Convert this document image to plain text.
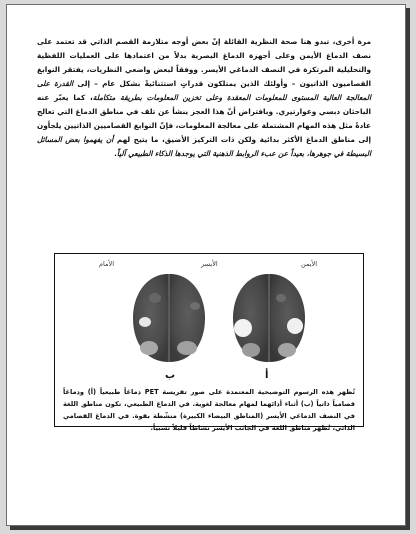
مرة أخرى، تبدو هنا صحة النظرية القائلة إنّ بعض أوجه متلازمة القصم الذاتي قد تعتمد على نصف الدماغ الأيمن وعلى أجهزة الدماغ البصرية بدلاً من اعتمادها على العمليات اللفظية والتحليلية المرتكزة في النصف الدماغي الأيسر. ووفقاً لبعض واضعي النظريات، يفتقر النوابغ القصاميون الذاتيون – وأولئك الذين يمتلكون قدراتٍ استثنائيةً بشكل عام – إلى القدرة على المعالجة العالية المستوى للمعلومات المعقدة وعلى تخزين المعلومات بطريقة متكاملة، كما يعبّر عنه الباحثان دبسي وعوارتيري. وبافتراض أنّ هذا العجز ينشأ عن تلف في مناطق الدماغ التي تعالج عادةً مثل هذه المهام المشتملة على معالجة المعلومات، فإنّ النوابغ القصاميين الذاتيين يلجأون إلى مناطق الدماغ الأكثر بدائية ولكن ذات التركيز الأضيق، ما يتيح لهم أن يفهموا بعض المسائل البسيطة في جوهرها، بعيداً عن عبء الروابط الذهنية التي يوجدها الذكاء الطبيعي آلياً.
الأمام	الأيسر	الأيمن
ب	أ
تُظهر هذه الرسوم التوضيحية المعتمدة على صور تفريسة PET دماغاً طبيعياً (أ) ودماغاً قصامياً ذاتياً (ب) أثناء أدائهما لمهام معالجة لغوية. في الدماغ الطبيعي، تكون مناطق اللغة في النصف الدماغي الأيسر (المناطق البيضاء الكبيرة) منشّطة بقوة. في الدماغ القصامي الذاتي، تُظهر مناطق اللغة في الجانب الأيسر نشاطاً قليلاً نسبياً.
